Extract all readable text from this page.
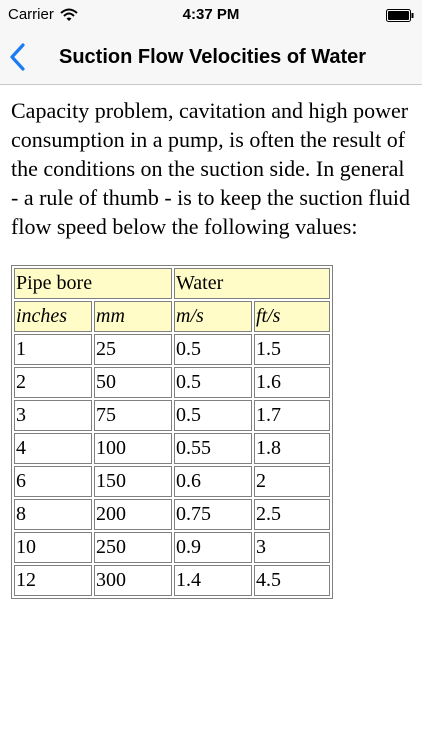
Carrier	4:37 PM
Suction Flow Velocities of Water

Capacity problem, cavitation and high power consumption in a pump, is often the result of the conditions on the suction side. In general - a rule of thumb - is to keep the suction fluid flow speed below the following values:

Pipe bore		Water	
inches	mm	m/s	ft/s
1	25	0.5	1.5
2	50	0.5	1.6
3	75	0.5	1.7
4	100	0.55	1.8
6	150	0.6	2
8	200	0.75	2.5
10	250	0.9	3
12	300	1.4	4.5
